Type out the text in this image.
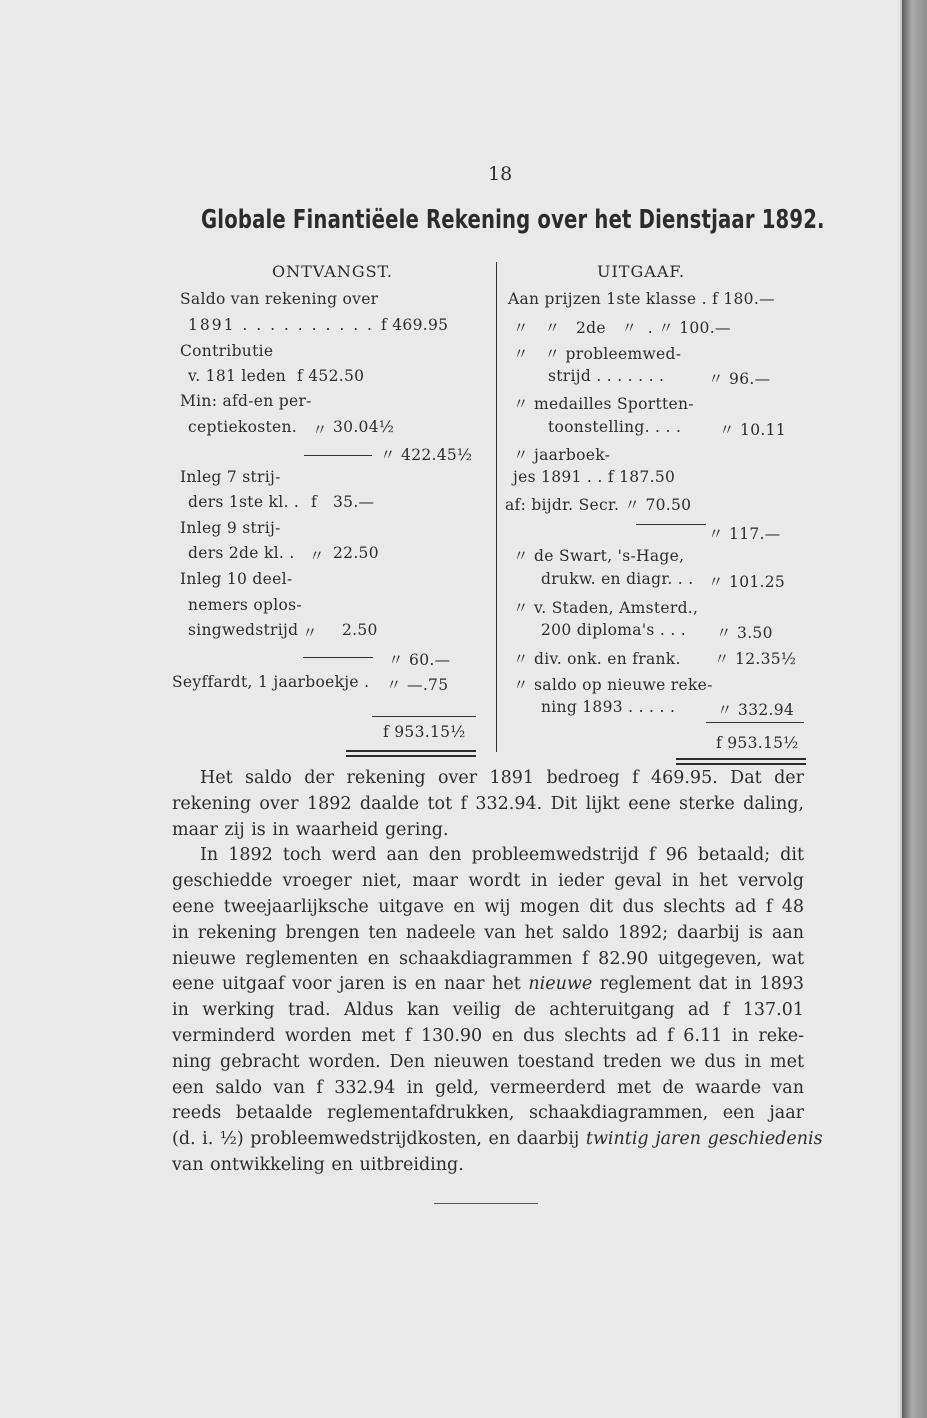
18
Globale Finantiëele Rekening over het Dienstjaar 1892.
ONTVANGST.
Saldo van rekening over
1891 . . . . . . . . . . f 469.95
Contributie
v. 181 leden f 452.50
Min: afd-en per-
ceptiekosten. 〃 30.04½
〃 422.45½
Inleg 7 strij-
ders 1ste kl. . f 35.—
Inleg 9 strij-
ders 2de kl. . 〃 22.50
Inleg 10 deel-
nemers oplos-
singwedstrijd 〃 2.50
〃 60.—
Seyffardt, 1 jaarboekje . 〃 —.75
f 953.15½
UITGAAF.
Aan prijzen 1ste klasse . f 180.—
〃   〃   2de   〃  . 〃 100.—
〃   〃 probleemwed-
strijd . . . . . . .	〃 96.—
〃 medailles Sportten-
toonstelling. . . . 〃 10.11
〃 jaarboek-
jes 1891 . . f 187.50
af: bijdr. Secr. 〃 70.50
〃 117.—
〃 de Swart, 's-Hage,
drukw. en diagr. . . 〃 101.25
〃 v. Staden, Amsterd.,
200 diploma's . . . 〃 3.50
〃 div. onk. en frank. 〃 12.35½
〃 saldo op nieuwe reke-
ning 1893 . . . . .	〃 332.94
f 953.15½
Het saldo der rekening over 1891 bedroeg f 469.95. Dat der
rekening over 1892 daalde tot f 332.94. Dit lijkt eene sterke daling,
maar zij is in waarheid gering.
In 1892 toch werd aan den probleemwedstrijd f 96 betaald; dit
geschiedde vroeger niet, maar wordt in ieder geval in het vervolg
eene tweejaarlijksche uitgave en wij mogen dit dus slechts ad f 48
in rekening brengen ten nadeele van het saldo 1892; daarbij is aan
nieuwe reglementen en schaakdiagrammen f 82.90 uitgegeven, wat
eene uitgaaf voor jaren is en naar het nieuwe reglement dat in 1893
in werking trad. Aldus kan veilig de achteruitgang ad f 137.01
verminderd worden met f 130.90 en dus slechts ad f 6.11 in reke-
ning gebracht worden. Den nieuwen toestand treden we dus in met
een saldo van f 332.94 in geld, vermeerderd met de waarde van
reeds betaalde reglementafdrukken, schaakdiagrammen, een jaar
(d. i. ½) probleemwedstrijdkosten, en daarbij twintig jaren geschiedenis
van ontwikkeling en uitbreiding.
